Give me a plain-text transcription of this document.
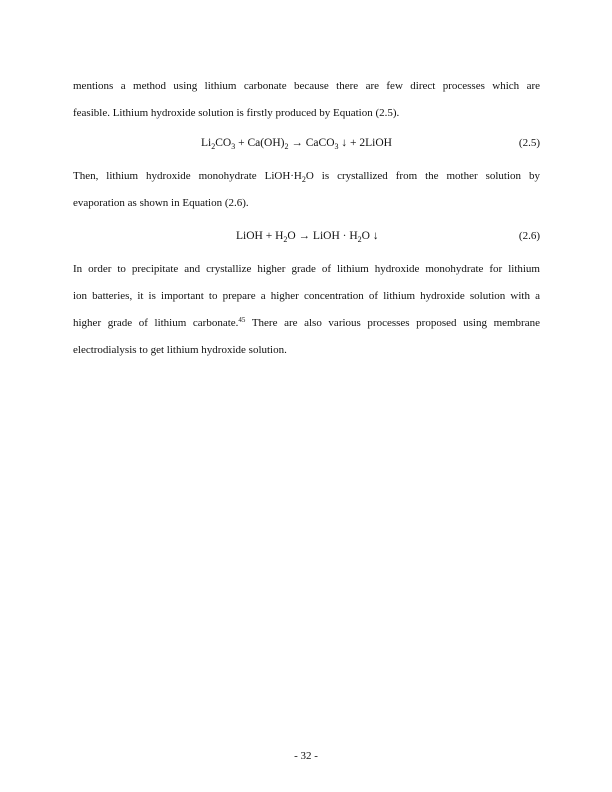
mentions a method using lithium carbonate because there are few direct processes which are
feasible. Lithium hydroxide solution is firstly produced by Equation (2.5).
$Li_2CO_3 + Ca(OH)_2$ → CaCO$_3$ ↓ + 2LiOH	(2.5)
Then, lithium hydroxide monohydrate $LiOH\cdot H_2O$ is crystallized from the mother solution by
evaporation as shown in Equation (2.6).
LiOH + $H_2O$ → LiOH · $H_2O$ ↓	(2.6)
In order to precipitate and crystallize higher grade of lithium hydroxide monohydrate for lithium
ion batteries, it is important to prepare a higher concentration of lithium hydroxide solution with a
higher grade of lithium carbonate.$^{45}$ There are also various processes proposed using membrane
electrodialysis to get lithium hydroxide solution.
- 32 -
